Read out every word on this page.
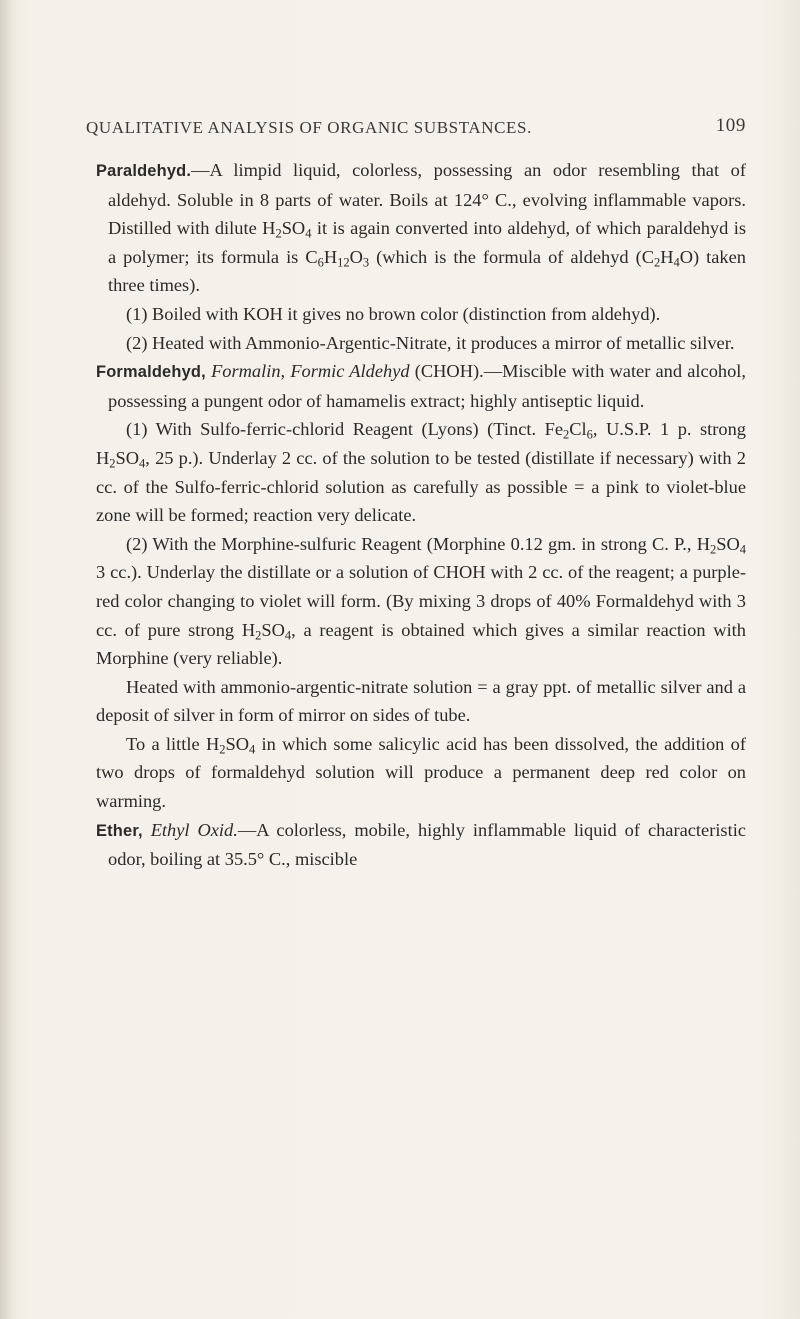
QUALITATIVE ANALYSIS OF ORGANIC SUBSTANCES.	109

Paraldehyd.—A limpid liquid, colorless, possessing an odor resembling that of aldehyd. Soluble in 8 parts of water. Boils at 124° C., evolving inflammable vapors. Distilled with dilute $H_2SO_4$ it is again converted into aldehyd, of which paraldehyd is a polymer; its formula is $C_6H_{12}O_3$ (which is the formula of aldehyd $(C_2H_4O)$ taken three times).

(1) Boiled with KOH it gives no brown color (distinction from aldehyd).

(2) Heated with Ammonio-Argentic-Nitrate, it produces a mirror of metallic silver.

Formaldehyd, Formalin, Formic Aldehyd (CHOH).—Miscible with water and alcohol, possessing a pungent odor of hamamelis extract; highly antiseptic liquid.

(1) With Sulfo-ferric-chlorid Reagent (Lyons) (Tinct. $Fe_2Cl_6$, U.S.P. 1 p. strong $H_2SO_4$, 25 p.). Underlay 2 cc. of the solution to be tested (distillate if necessary) with 2 cc. of the Sulfo-ferric-chlorid solution as carefully as possible = a pink to violet-blue zone will be formed; reaction very delicate.

(2) With the Morphine-sulfuric Reagent (Morphine 0.12 gm. in strong C. P., $H_2SO_4$ 3 cc.). Underlay the distillate or a solution of CHOH with 2 cc. of the reagent; a purple-red color changing to violet will form. (By mixing 3 drops of 40% Formaldehyd with 3 cc. of pure strong $H_2SO_4$, a reagent is obtained which gives a similar reaction with Morphine (very reliable).

Heated with ammonio-argentic-nitrate solution = a gray ppt. of metallic silver and a deposit of silver in form of mirror on sides of tube.

To a little $H_2SO_4$ in which some salicylic acid has been dissolved, the addition of two drops of formaldehyd solution will produce a permanent deep red color on warming.

Ether, Ethyl Oxid.—A colorless, mobile, highly inflammable liquid of characteristic odor, boiling at 35.5° C., miscible
